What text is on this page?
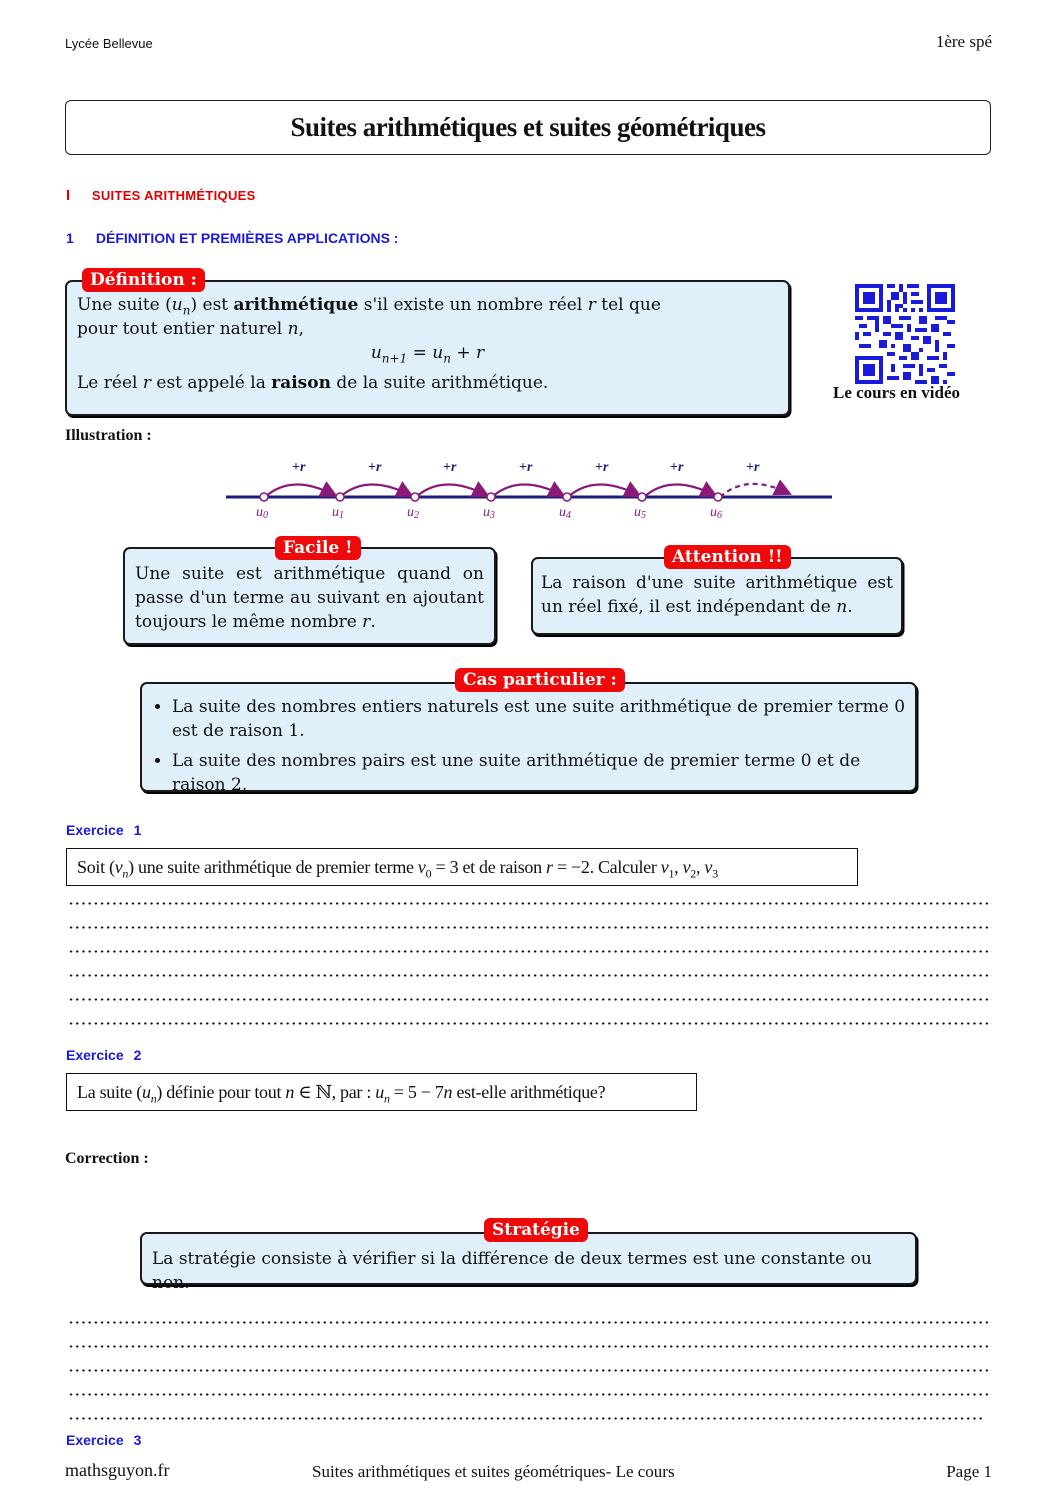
Lycée Bellevue	1ère spé
Suites arithmétiques et suites géométriques
I SUITES ARITHMÉTIQUES
1 DÉFINITION ET PREMIÈRES APPLICATIONS :
Une suite $(u_n)$ est arithmétique s'il existe un nombre réel r tel que
pour tout entier naturel n,

$u_{n+1} = u_n + r$

Le réel r est appelé la raison de la suite arithmétique.
Définition :
Le cours en vidéo
Illustration :
u0	u1	u2	u3	u4	u5	u6
+r	+r	+r	+r	+r	+r	+r
Une suite est arithmétique quand on passe d'un terme au suivant en ajoutant toujours le même nombre r.
Facile !
La raison d'une suite arithmétique est un réel fixé, il est indépendant de n.
Attention !!
• La suite des nombres entiers naturels est une suite arithmétique de premier terme 0 est de raison 1.
• La suite des nombres pairs est une suite arithmétique de premier terme 0 et de raison 2.
Cas particulier :
Exercice 1
Soit $(v_n)$ une suite arithmétique de premier terme $v_0 = 3$ et de raison r = −2. Calculer $v_1$, $v_2$, $v_3$
Exercice 2
La suite $(u_n)$ définie pour tout n ∈ ℕ, par : $u_n = 5 - 7n$ est-elle arithmétique?
Correction :
La stratégie consiste à vérifier si la différence de deux termes est une constante ou non.
Stratégie
Exercice 3
mathsguyon.fr	Suites arithmétiques et suites géométriques- Le cours	Page 1
